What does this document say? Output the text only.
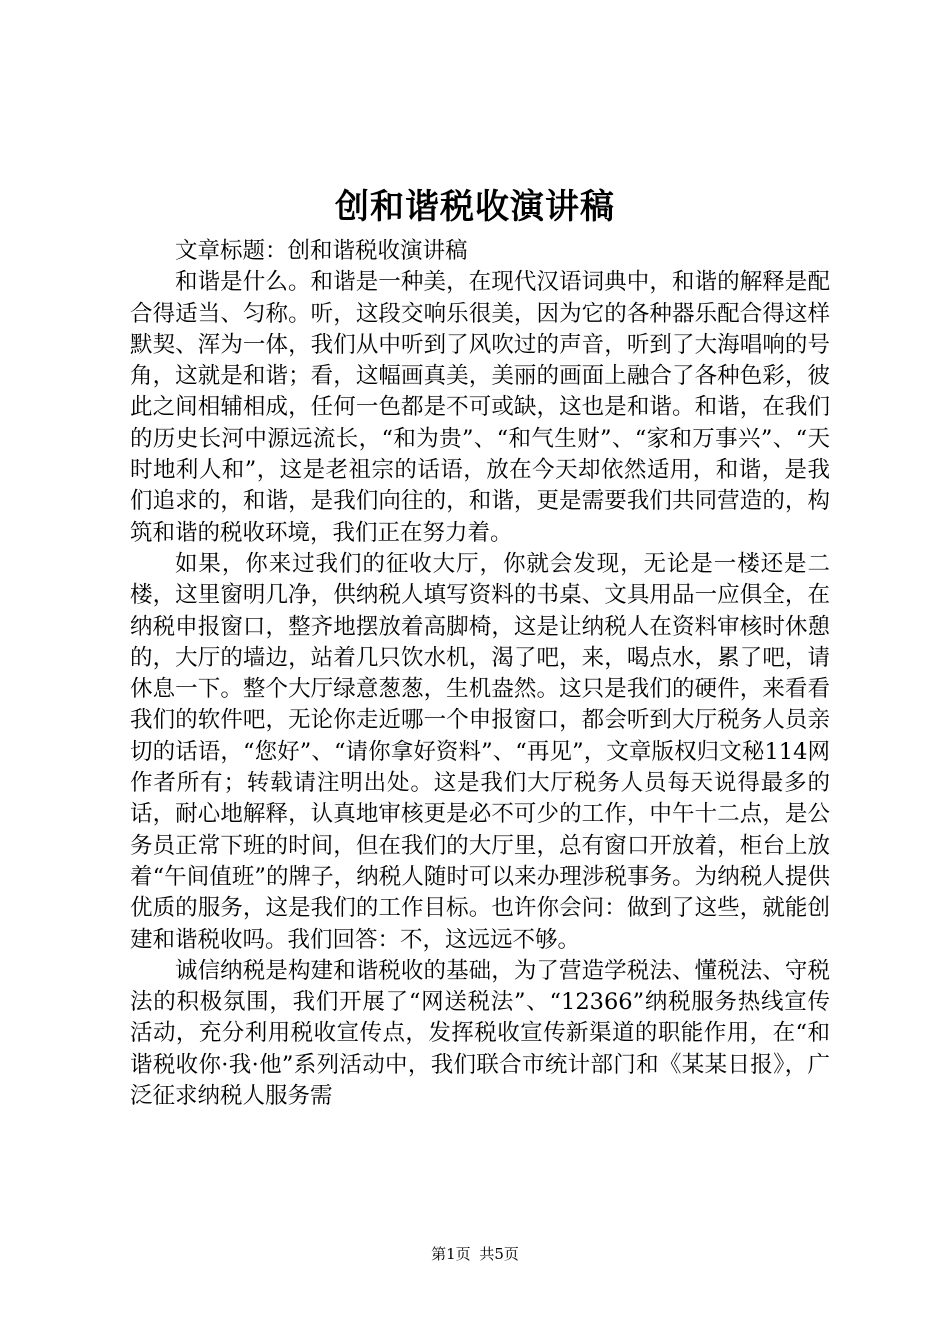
创和谐税收演讲稿

文章标题：创和谐税收演讲稿

和谐是什么。和谐是一种美，在现代汉语词典中，和谐的解释是配合得适当、匀称。听，这段交响乐很美，因为它的各种器乐配合得这样默契、浑为一体，我们从中听到了风吹过的声音，听到了大海唱响的号角，这就是和谐；看，这幅画真美，美丽的画面上融合了各种色彩，彼此之间相辅相成，任何一色都是不可或缺，这也是和谐。和谐，在我们的历史长河中源远流长，“和为贵”、“和气生财”、“家和万事兴”、“天时地利人和”，这是老祖宗的话语，放在今天却依然适用，和谐，是我们追求的，和谐，是我们向往的，和谐，更是需要我们共同营造的，构筑和谐的税收环境，我们正在努力着。

如果，你来过我们的征收大厅，你就会发现，无论是一楼还是二楼，这里窗明几净，供纳税人填写资料的书桌、文具用品一应俱全，在纳税申报窗口，整齐地摆放着高脚椅，这是让纳税人在资料审核时休憩的，大厅的墙边，站着几只饮水机，渴了吧，来，喝点水，累了吧，请休息一下。整个大厅绿意葱葱，生机盎然。这只是我们的硬件，来看看我们的软件吧，无论你走近哪一个申报窗口，都会听到大厅税务人员亲切的话语，“您好”、“请你拿好资料”、“再见”，文章版权归文秘114网作者所有；转载请注明出处。这是我们大厅税务人员每天说得最多的话，耐心地解释，认真地审核更是必不可少的工作，中午十二点，是公务员正常下班的时间，但在我们的大厅里，总有窗口开放着，柜台上放着“午间值班”的牌子，纳税人随时可以来办理涉税事务。为纳税人提供优质的服务，这是我们的工作目标。也许你会问：做到了这些，就能创建和谐税收吗。我们回答：不，这远远不够。

诚信纳税是构建和谐税收的基础，为了营造学税法、懂税法、守税法的积极氛围，我们开展了“网送税法”、“12366”纳税服务热线宣传活动，充分利用税收宣传点，发挥税收宣传新渠道的职能作用，在“和谐税收你·我·他”系列活动中，我们联合市统计部门和《某某日报》，广泛征求纳税人服务需

第1页 共5页
